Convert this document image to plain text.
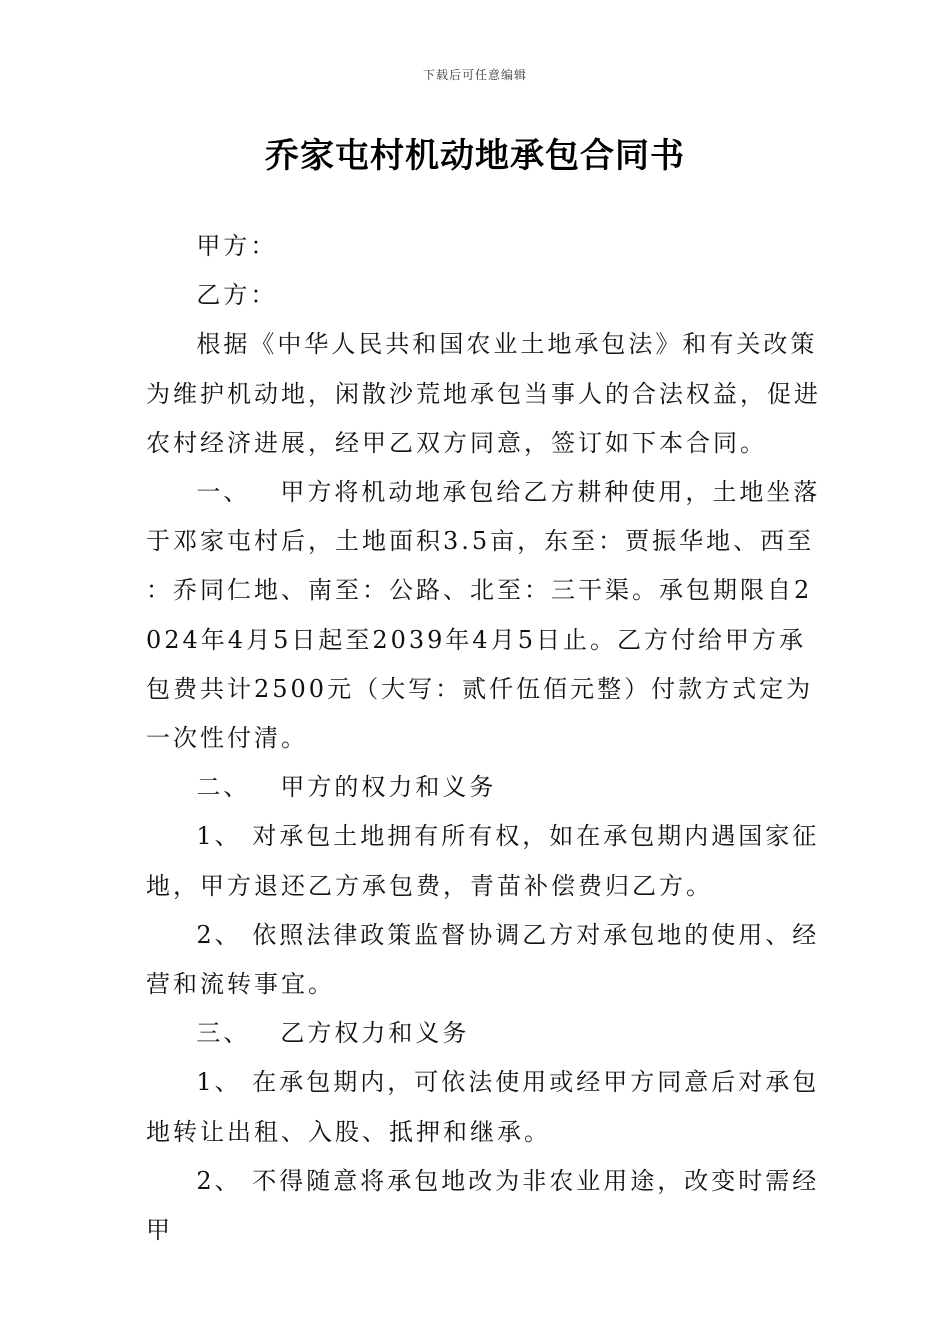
下载后可任意编辑
乔家屯村机动地承包合同书

甲方：

乙方：

根据《中华人民共和国农业土地承包法》和有关改策为维护机动地，闲散沙荒地承包当事人的合法权益，促进农村经济进展，经甲乙双方同意，签订如下本合同。

一、 甲方将机动地承包给乙方耕种使用，土地坐落于邓家屯村后，土地面积3.5亩，东至：贾振华地、西至：乔同仁地、南至：公路、北至：三干渠。承包期限自2024年4月5日起至2039年4月5日止。乙方付给甲方承包费共计2500元（大写：贰仟伍佰元整）付款方式定为一次性付清。

二、 甲方的权力和义务

1、 对承包土地拥有所有权，如在承包期内遇国家征地，甲方退还乙方承包费，青苗补偿费归乙方。

2、 依照法律政策监督协调乙方对承包地的使用、经营和流转事宜。

三、 乙方权力和义务

1、 在承包期内，可依法使用或经甲方同意后对承包地转让出租、入股、抵押和继承。

2、 不得随意将承包地改为非农业用途，改变时需经甲
